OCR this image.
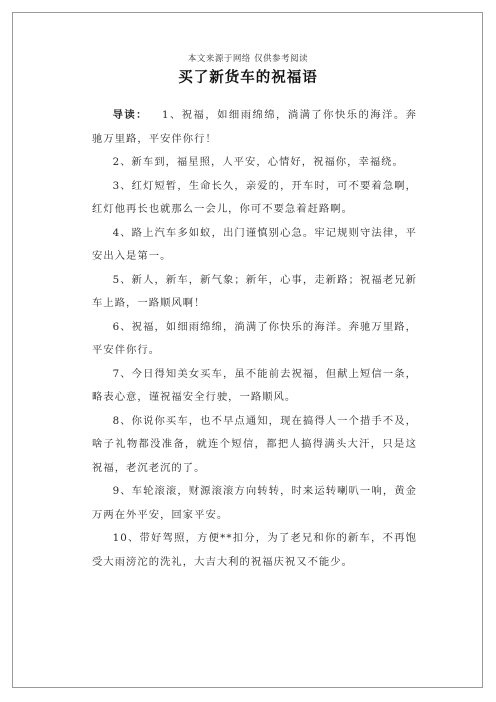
本文来源于网络 仅供参考阅读
买了新货车的祝福语

导读： 1、祝福，如细雨绵绵，淌满了你快乐的海洋。奔驰万里路，平安伴你行！

2、新车到，福星照，人平安，心情好，祝福你，幸福绕。

3、红灯短暂，生命长久，亲爱的，开车时，可不要着急啊，红灯他再长也就那么一会儿，你可不要急着赶路啊。

4、路上汽车多如蚁，出门谨慎别心急。牢记规则守法律，平安出入是第一。

5、新人，新车，新气象；新年，心事，走新路；祝福老兄新车上路，一路顺风啊！

6、祝福，如细雨绵绵，淌满了你快乐的海洋。奔驰万里路，平安伴你行。

7、今日得知美女买车，虽不能前去祝福，但献上短信一条，略表心意，谨祝福安全行驶，一路顺风。

8、你说你买车，也不早点通知，现在搞得人一个措手不及，啥子礼物都没准备，就连个短信，都把人搞得满头大汗，只是这祝福，老沉老沉的了。

9、车轮滚滚，财源滚滚方向转转，时来运转喇叭一响，黄金万两在外平安，回家平安。

10、带好驾照，方便**扣分，为了老兄和你的新车，不再饱受大雨滂沱的洗礼，大吉大利的祝福庆祝又不能少。
